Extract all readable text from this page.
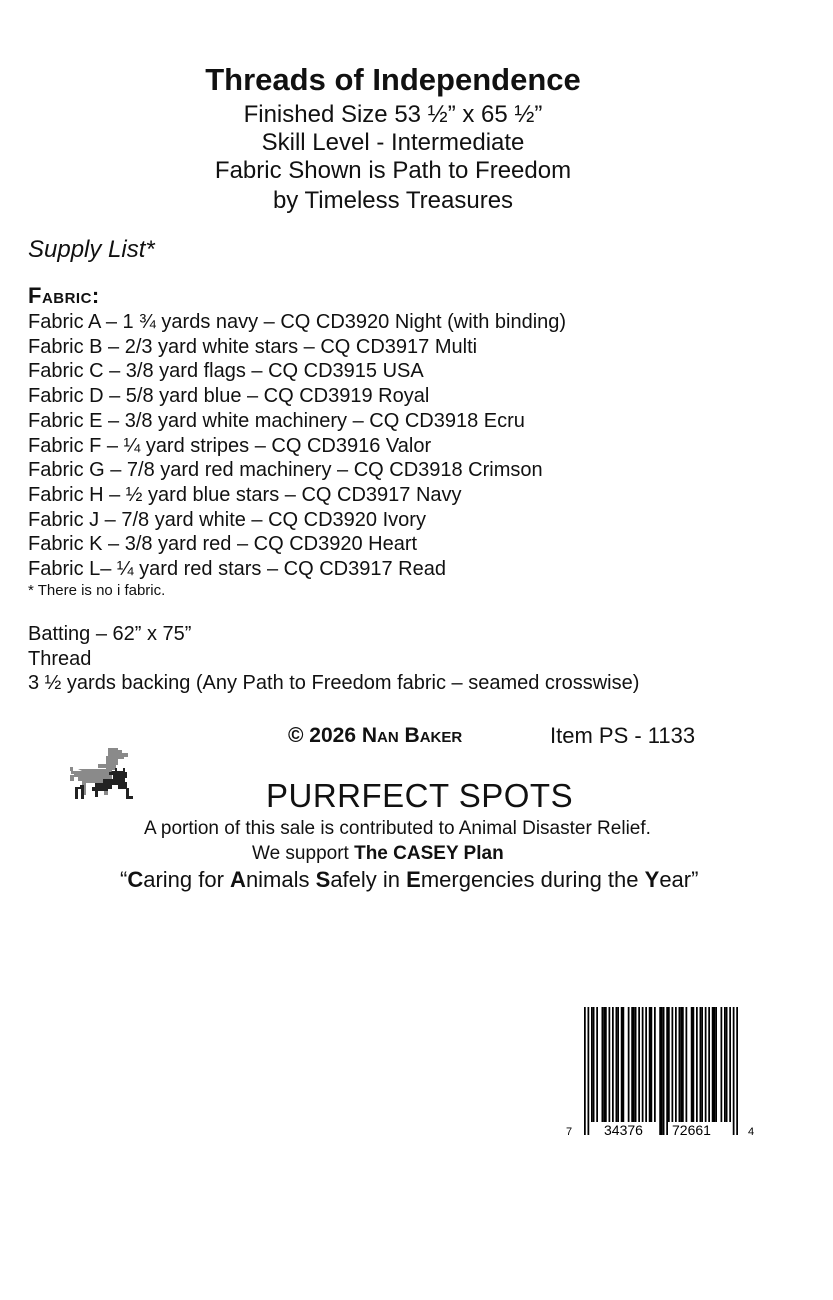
Threads of Independence
Finished Size 53 ½” x 65 ½”
Skill Level - Intermediate
Fabric Shown is Path to Freedom
by Timeless Treasures
Supply List*
Fabric:
Fabric A – 1 ¾ yards navy – CQ CD3920 Night (with binding)
Fabric B – 2/3 yard white stars – CQ CD3917 Multi
Fabric C – 3/8 yard flags – CQ CD3915 USA
Fabric D – 5/8 yard blue – CQ CD3919 Royal
Fabric E – 3/8 yard white machinery – CQ CD3918 Ecru
Fabric F – ¼ yard stripes – CQ CD3916 Valor
Fabric G – 7/8 yard red machinery – CQ CD3918 Crimson
Fabric H – ½ yard blue stars – CQ CD3917 Navy
Fabric J – 7/8 yard white – CQ CD3920 Ivory
Fabric K – 3/8 yard red – CQ CD3920 Heart
Fabric L– ¼ yard red stars – CQ CD3917 Read
* There is no i fabric.
Batting – 62” x 75”
Thread
3 ½ yards backing (Any Path to Freedom fabric – seamed crosswise)
© 2026 Nan Baker	Item PS - 1133
PURRFECT SPOTS
A portion of this sale is contributed to Animal Disaster Relief.
We support The CASEY Plan
“Caring for Animals Safely in Emergencies during the Year”
7 34376 72661	4
